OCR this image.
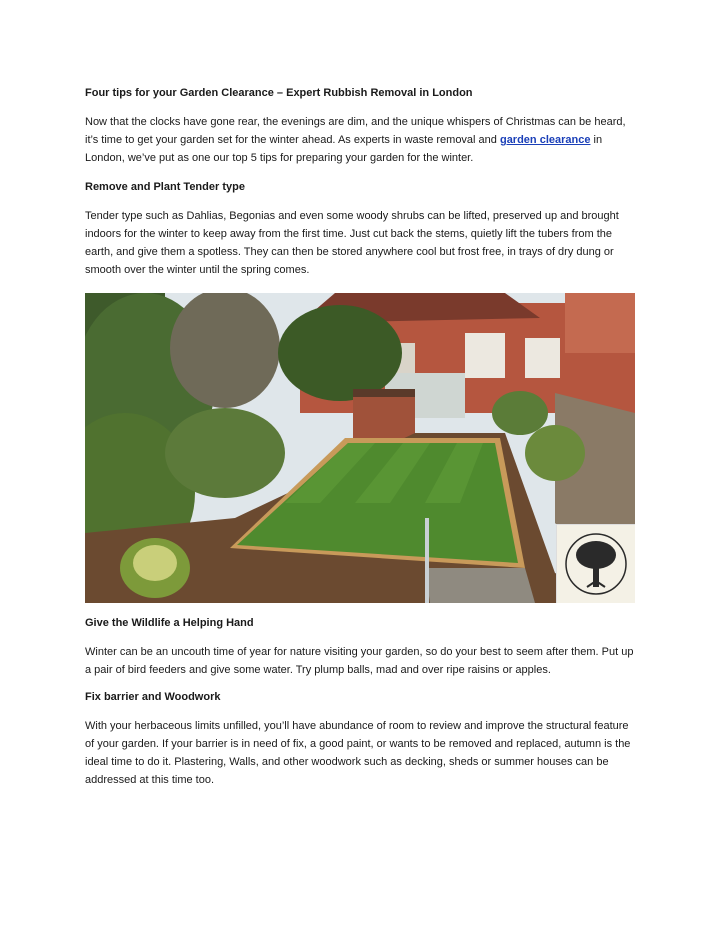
Four tips for your Garden Clearance – Expert Rubbish Removal in London

Now that the clocks have gone rear, the evenings are dim, and the unique whispers of Christmas can be heard, it’s time to get your garden set for the winter ahead. As experts in waste removal and garden clearance in London, we’ve put as one our top 5 tips for preparing your garden for the winter.

Remove and Plant Tender type

Tender type such as Dahlias, Begonias and even some woody shrubs can be lifted, preserved up and brought indoors for the winter to keep away from the first time. Just cut back the stems, quietly lift the tubers from the earth, and give them a spotless. They can then be stored anywhere cool but frost free, in trays of dry dung or smooth over the winter until the spring comes.

Give the Wildlife a Helping Hand

Winter can be an uncouth time of year for nature visiting your garden, so do your best to seem after them. Put up a pair of bird feeders and give some water. Try plump balls, mad and over ripe raisins or apples.

Fix barrier and Woodwork

With your herbaceous limits unfilled, you’ll have abundance of room to review and improve the structural feature of your garden. If your barrier is in need of fix, a good paint, or wants to be removed and replaced, autumn is the ideal time to do it. Plastering, Walls, and other woodwork such as decking, sheds or summer houses can be addressed at this time too.
